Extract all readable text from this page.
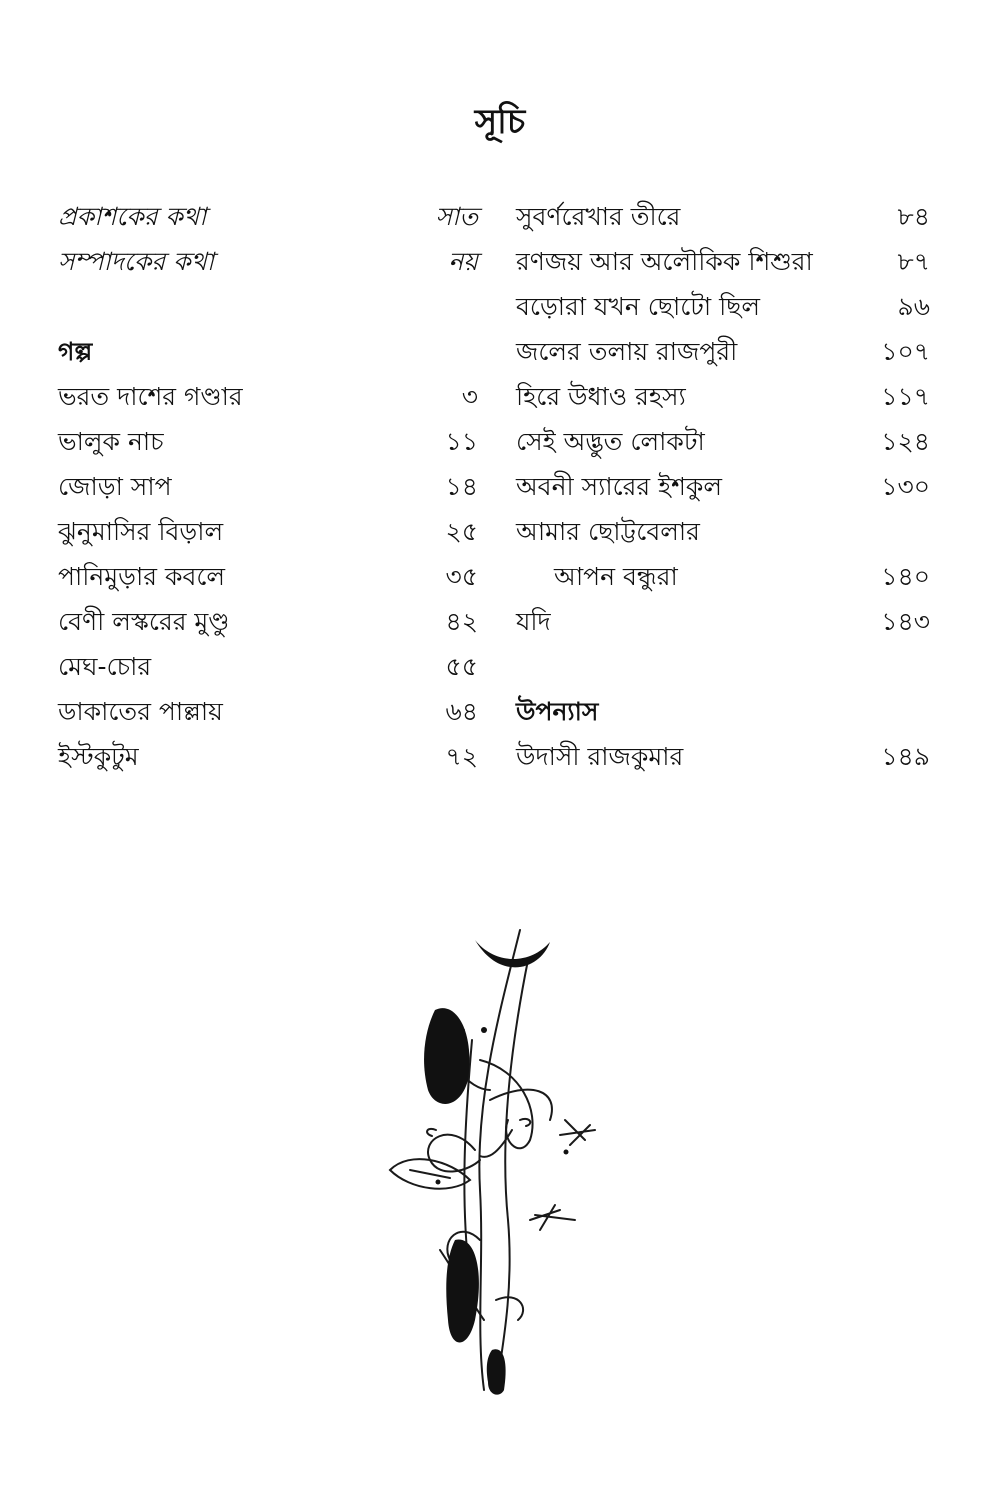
সূচি
প্রকাশকের কথা	সাত
সম্পাদকের কথা	নয়
গল্প
ভরত দাশের গণ্ডার	৩
ভালুক নাচ	১১
জোড়া সাপ	১৪
ঝুনুমাসির বিড়াল	২৫
পানিমুড়ার কবলে	৩৫
বেণী লস্করের মুণ্ডু	৪২
মেঘ-চোর	৫৫
ডাকাতের পাল্লায়	৬৪
ইস্টকুটুম	৭২
সুবর্ণরেখার তীরে	৮৪
রণজয় আর অলৌকিক শিশুরা	৮৭
বড়োরা যখন ছোটো ছিল	৯৬
জলের তলায় রাজপুরী	১০৭
হিরে উধাও রহস্য	১১৭
সেই অদ্ভুত লোকটা	১২৪
অবনী স্যারের ইশকুল	১৩০
আমার ছোট্টবেলার
আপন বন্ধুরা	১৪০
যদি	১৪৩
উপন্যাস
উদাসী রাজকুমার	১৪৯
